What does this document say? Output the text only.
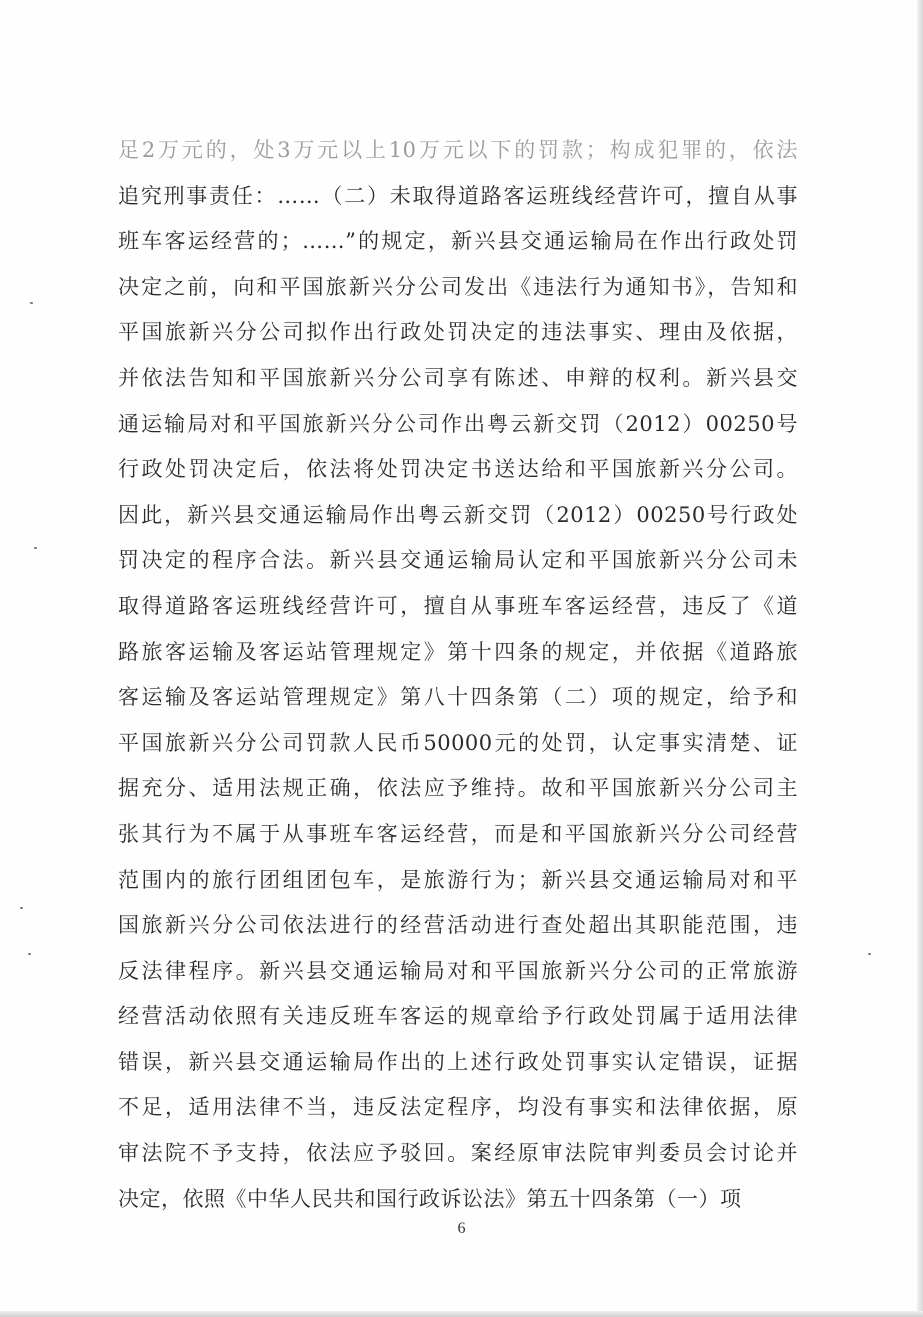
足2万元的，处3万元以上10万元以下的罚款；构成犯罪的，依法
追究刑事责任：……（二）未取得道路客运班线经营许可，擅自从事
班车客运经营的；……”的规定，新兴县交通运输局在作出行政处罚
决定之前，向和平国旅新兴分公司发出《违法行为通知书》，告知和
平国旅新兴分公司拟作出行政处罚决定的违法事实、理由及依据，
并依法告知和平国旅新兴分公司享有陈述、申辩的权利。新兴县交
通运输局对和平国旅新兴分公司作出粤云新交罚（2012）00250号
行政处罚决定后，依法将处罚决定书送达给和平国旅新兴分公司。
因此，新兴县交通运输局作出粤云新交罚（2012）00250号行政处
罚决定的程序合法。新兴县交通运输局认定和平国旅新兴分公司未
取得道路客运班线经营许可，擅自从事班车客运经营，违反了《道
路旅客运输及客运站管理规定》第十四条的规定，并依据《道路旅
客运输及客运站管理规定》第八十四条第（二）项的规定，给予和
平国旅新兴分公司罚款人民币50000元的处罚，认定事实清楚、证
据充分、适用法规正确，依法应予维持。故和平国旅新兴分公司主
张其行为不属于从事班车客运经营，而是和平国旅新兴分公司经营
范围内的旅行团组团包车，是旅游行为；新兴县交通运输局对和平
国旅新兴分公司依法进行的经营活动进行查处超出其职能范围，违
反法律程序。新兴县交通运输局对和平国旅新兴分公司的正常旅游
经营活动依照有关违反班车客运的规章给予行政处罚属于适用法律
错误，新兴县交通运输局作出的上述行政处罚事实认定错误，证据
不足，适用法律不当，违反法定程序，均没有事实和法律依据，原
审法院不予支持，依法应予驳回。案经原审法院审判委员会讨论并
决定，依照《中华人民共和国行政诉讼法》第五十四条第（一）项
6
